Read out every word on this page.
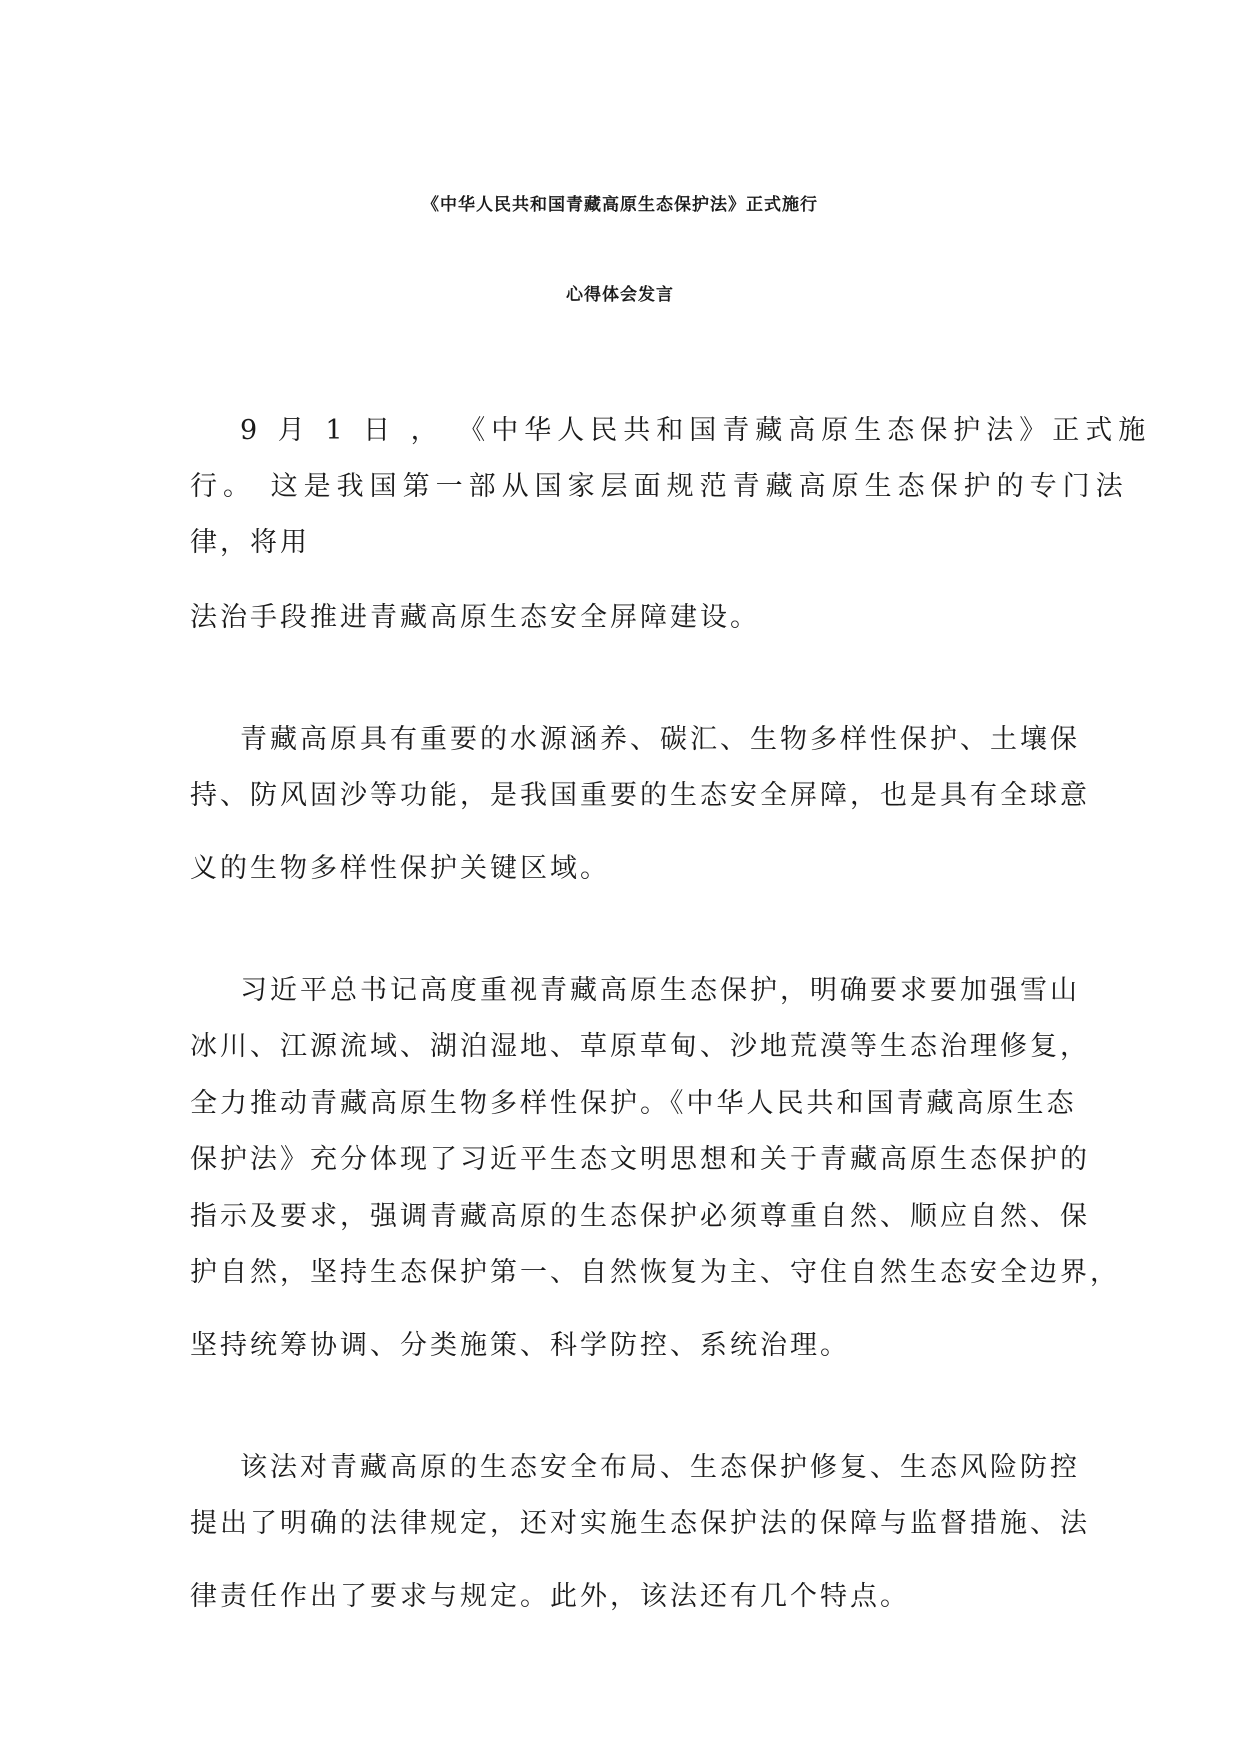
《中华人民共和国青藏高原生态保护法》正式施行
心得体会发言
9 月 1 日 ， 《中华人民共和国青藏高原生态保护法》正式施
行。 这是我国第一部从国家层面规范青藏高原生态保护的专门法
律，将用
法治手段推进青藏高原生态安全屏障建设。
青藏高原具有重要的水源涵养、碳汇、生物多样性保护、土壤保
持、防风固沙等功能，是我国重要的生态安全屏障，也是具有全球意
义的生物多样性保护关键区域。
习近平总书记高度重视青藏高原生态保护，明确要求要加强雪山
冰川、江源流域、湖泊湿地、草原草甸、沙地荒漠等生态治理修复，
全力推动青藏高原生物多样性保护。《中华人民共和国青藏高原生态
保护法》充分体现了习近平生态文明思想和关于青藏高原生态保护的
指示及要求，强调青藏高原的生态保护必须尊重自然、顺应自然、保
护自然，坚持生态保护第一、自然恢复为主、守住自然生态安全边界，
坚持统筹协调、分类施策、科学防控、系统治理。
该法对青藏高原的生态安全布局、生态保护修复、生态风险防控
提出了明确的法律规定，还对实施生态保护法的保障与监督措施、法
律责任作出了要求与规定。此外，该法还有几个特点。
